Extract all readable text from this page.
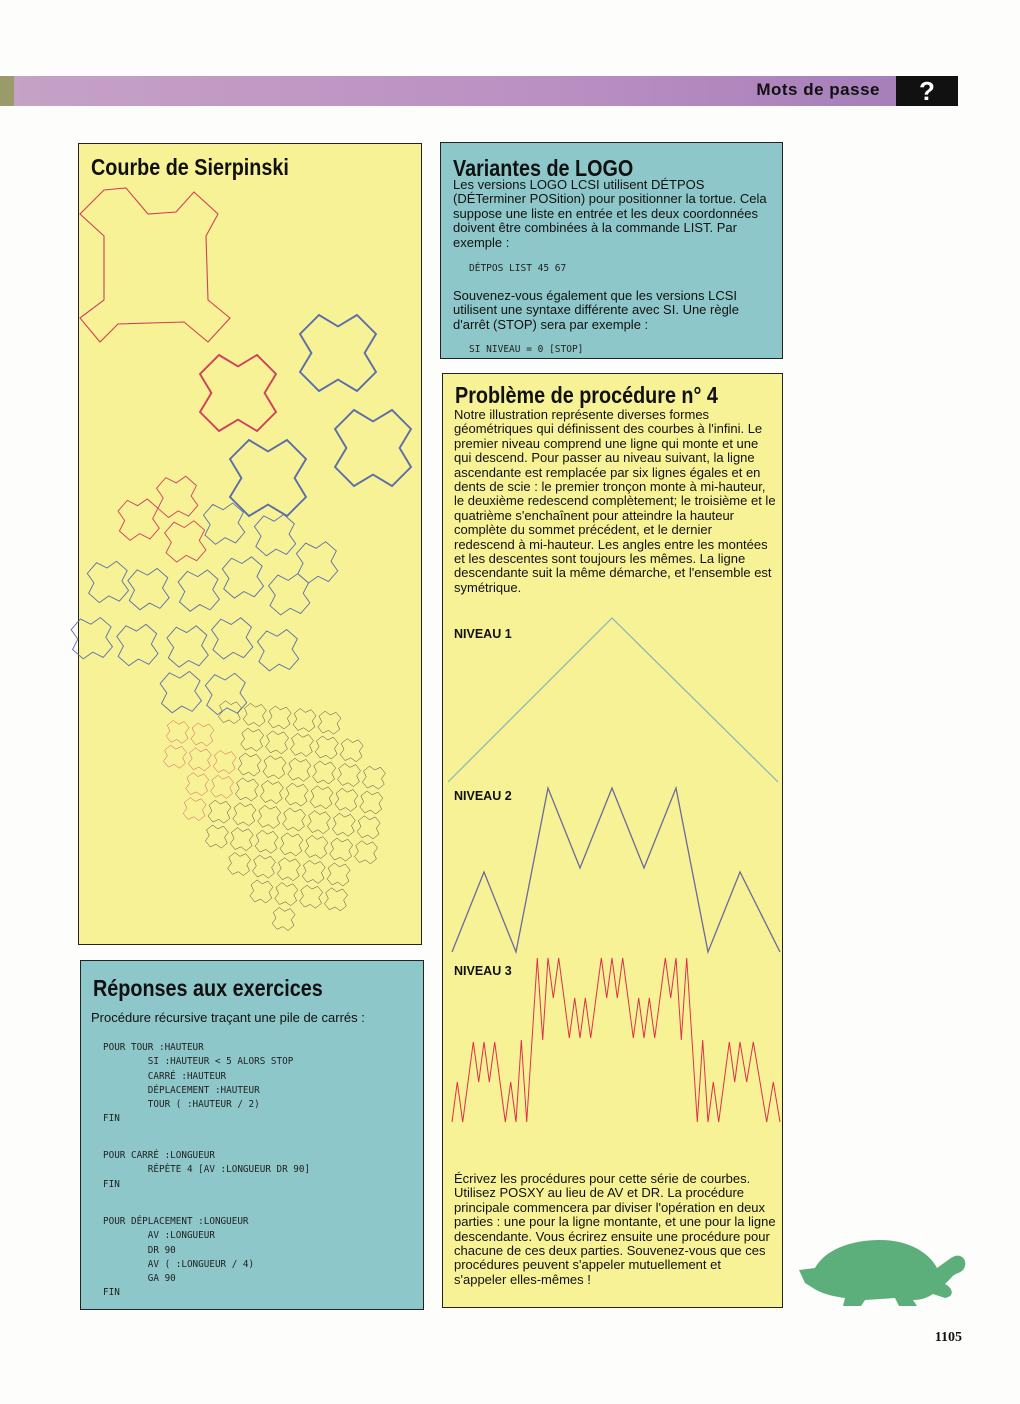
Mots de passe	?
Courbe de Sierpinski	Variantes de LOGO
Les versions LOGO LCSI utilisent DÉTPOS (DÉTerminer POSition) pour positionner la tortue. Cela suppose une liste en entrée et les deux coordonnées doivent être combinées à la commande LIST. Par exemple :
DÉTPOS LIST 45 67
Souvenez-vous également que les versions LCSI utilisent une syntaxe différente avec SI. Une règle d'arrêt (STOP) sera par exemple :
SI NIVEAU = 0 [STOP]
Problème de procédure n° 4
Notre illustration représente diverses formes géométriques qui définissent des courbes à l'infini. Le premier niveau comprend une ligne qui monte et une qui descend. Pour passer au niveau suivant, la ligne ascendante est remplacée par six lignes égales et en dents de scie : le premier tronçon monte à mi-hauteur, le deuxième redescend complètement; le troisième et le quatrième s'enchaînent pour atteindre la hauteur complète du sommet précédent, et le dernier redescend à mi-hauteur. Les angles entre les montées et les descentes sont toujours les mêmes. La ligne descendante suit la même démarche, et l'ensemble est symétrique.
NIVEAU 1
NIVEAU 2
NIVEAU 3
Écrivez les procédures pour cette série de courbes. Utilisez POSXY au lieu de AV et DR. La procédure principale commencera par diviser l'opération en deux parties : une pour la ligne montante, et une pour la ligne descendante. Vous écrirez ensuite une procédure pour chacune de ces deux parties. Souvenez-vous que ces procédures peuvent s'appeler mutuellement et s'appeler elles-mêmes !
Réponses aux exercices
Procédure récursive traçant une pile de carrés :
POUR TOUR :HAUTEUR
SI :HAUTEUR < 5 ALORS STOP
CARRÉ :HAUTEUR
DÉPLACEMENT :HAUTEUR
TOUR ( :HAUTEUR / 2)
FIN
POUR CARRÉ :LONGUEUR
RÉPÈTE 4 [AV :LONGUEUR DR 90]
FIN
POUR DÉPLACEMENT :LONGUEUR
AV :LONGUEUR
DR 90
AV ( :LONGUEUR / 4)
GA 90
FIN
1105
